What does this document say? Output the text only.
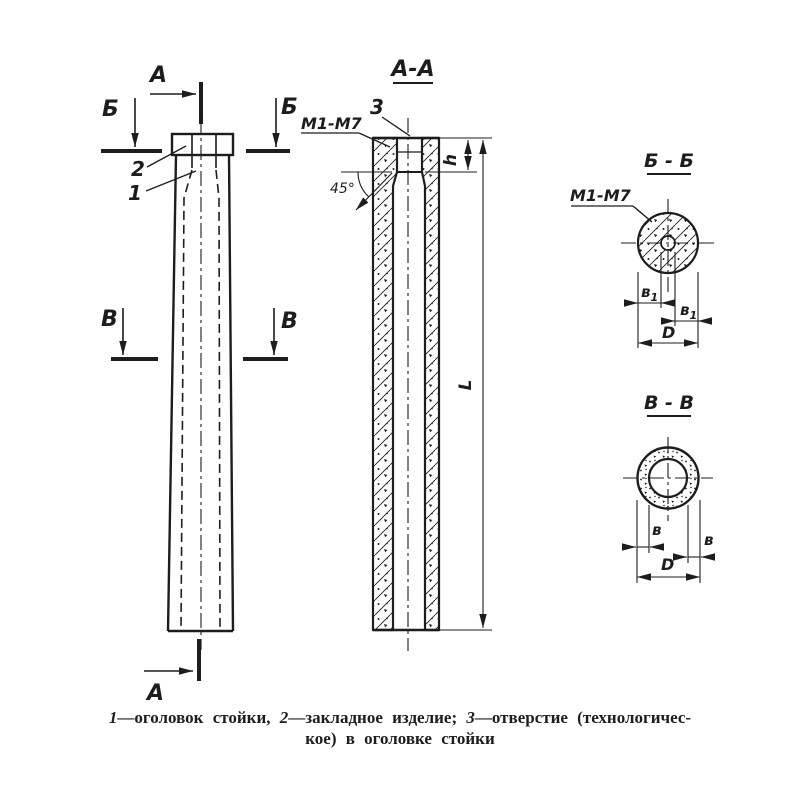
А
А
Б	Б
В	В
2
1
А-А
3
М1-М7
45°
h
L
Б - Б
М1-М7
$в_1$
$в_1$
D
В - В
в
в
D
1—оголовок стойки, 2—закладное изделие; 3—отверстие (технологичес-
кое) в оголовке стойки
